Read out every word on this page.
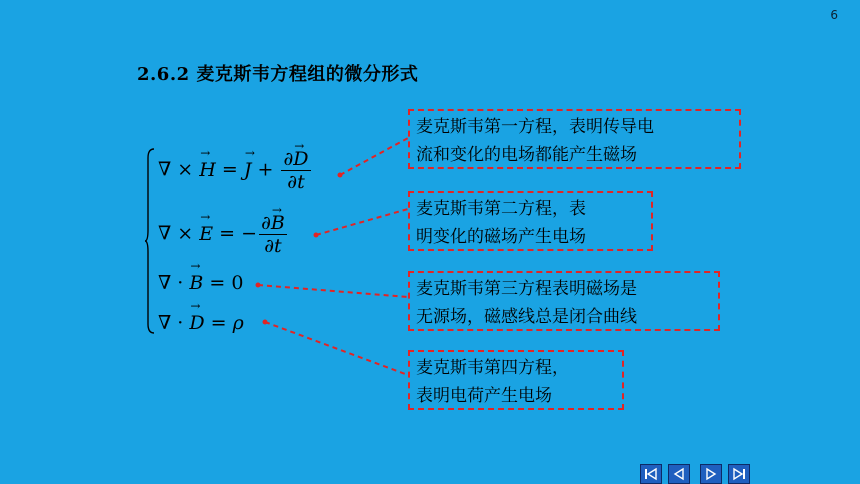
6
2.6.2 麦克斯韦方程组的微分形式
∇ × → H = → $J + \frac{\partial\to D}{\partial t}$
∇ × → E = − $\frac{\partial\to B}{\partial t}$
∇ · → B = 0
∇ · → D = ρ
麦克斯韦第一方程，表明传导电
流和变化的电场都能产生磁场
麦克斯韦第二方程，表
明变化的磁场产生电场
麦克斯韦第三方程表明磁场是
无源场，磁感线总是闭合曲线
麦克斯韦第四方程，
表明电荷产生电场
